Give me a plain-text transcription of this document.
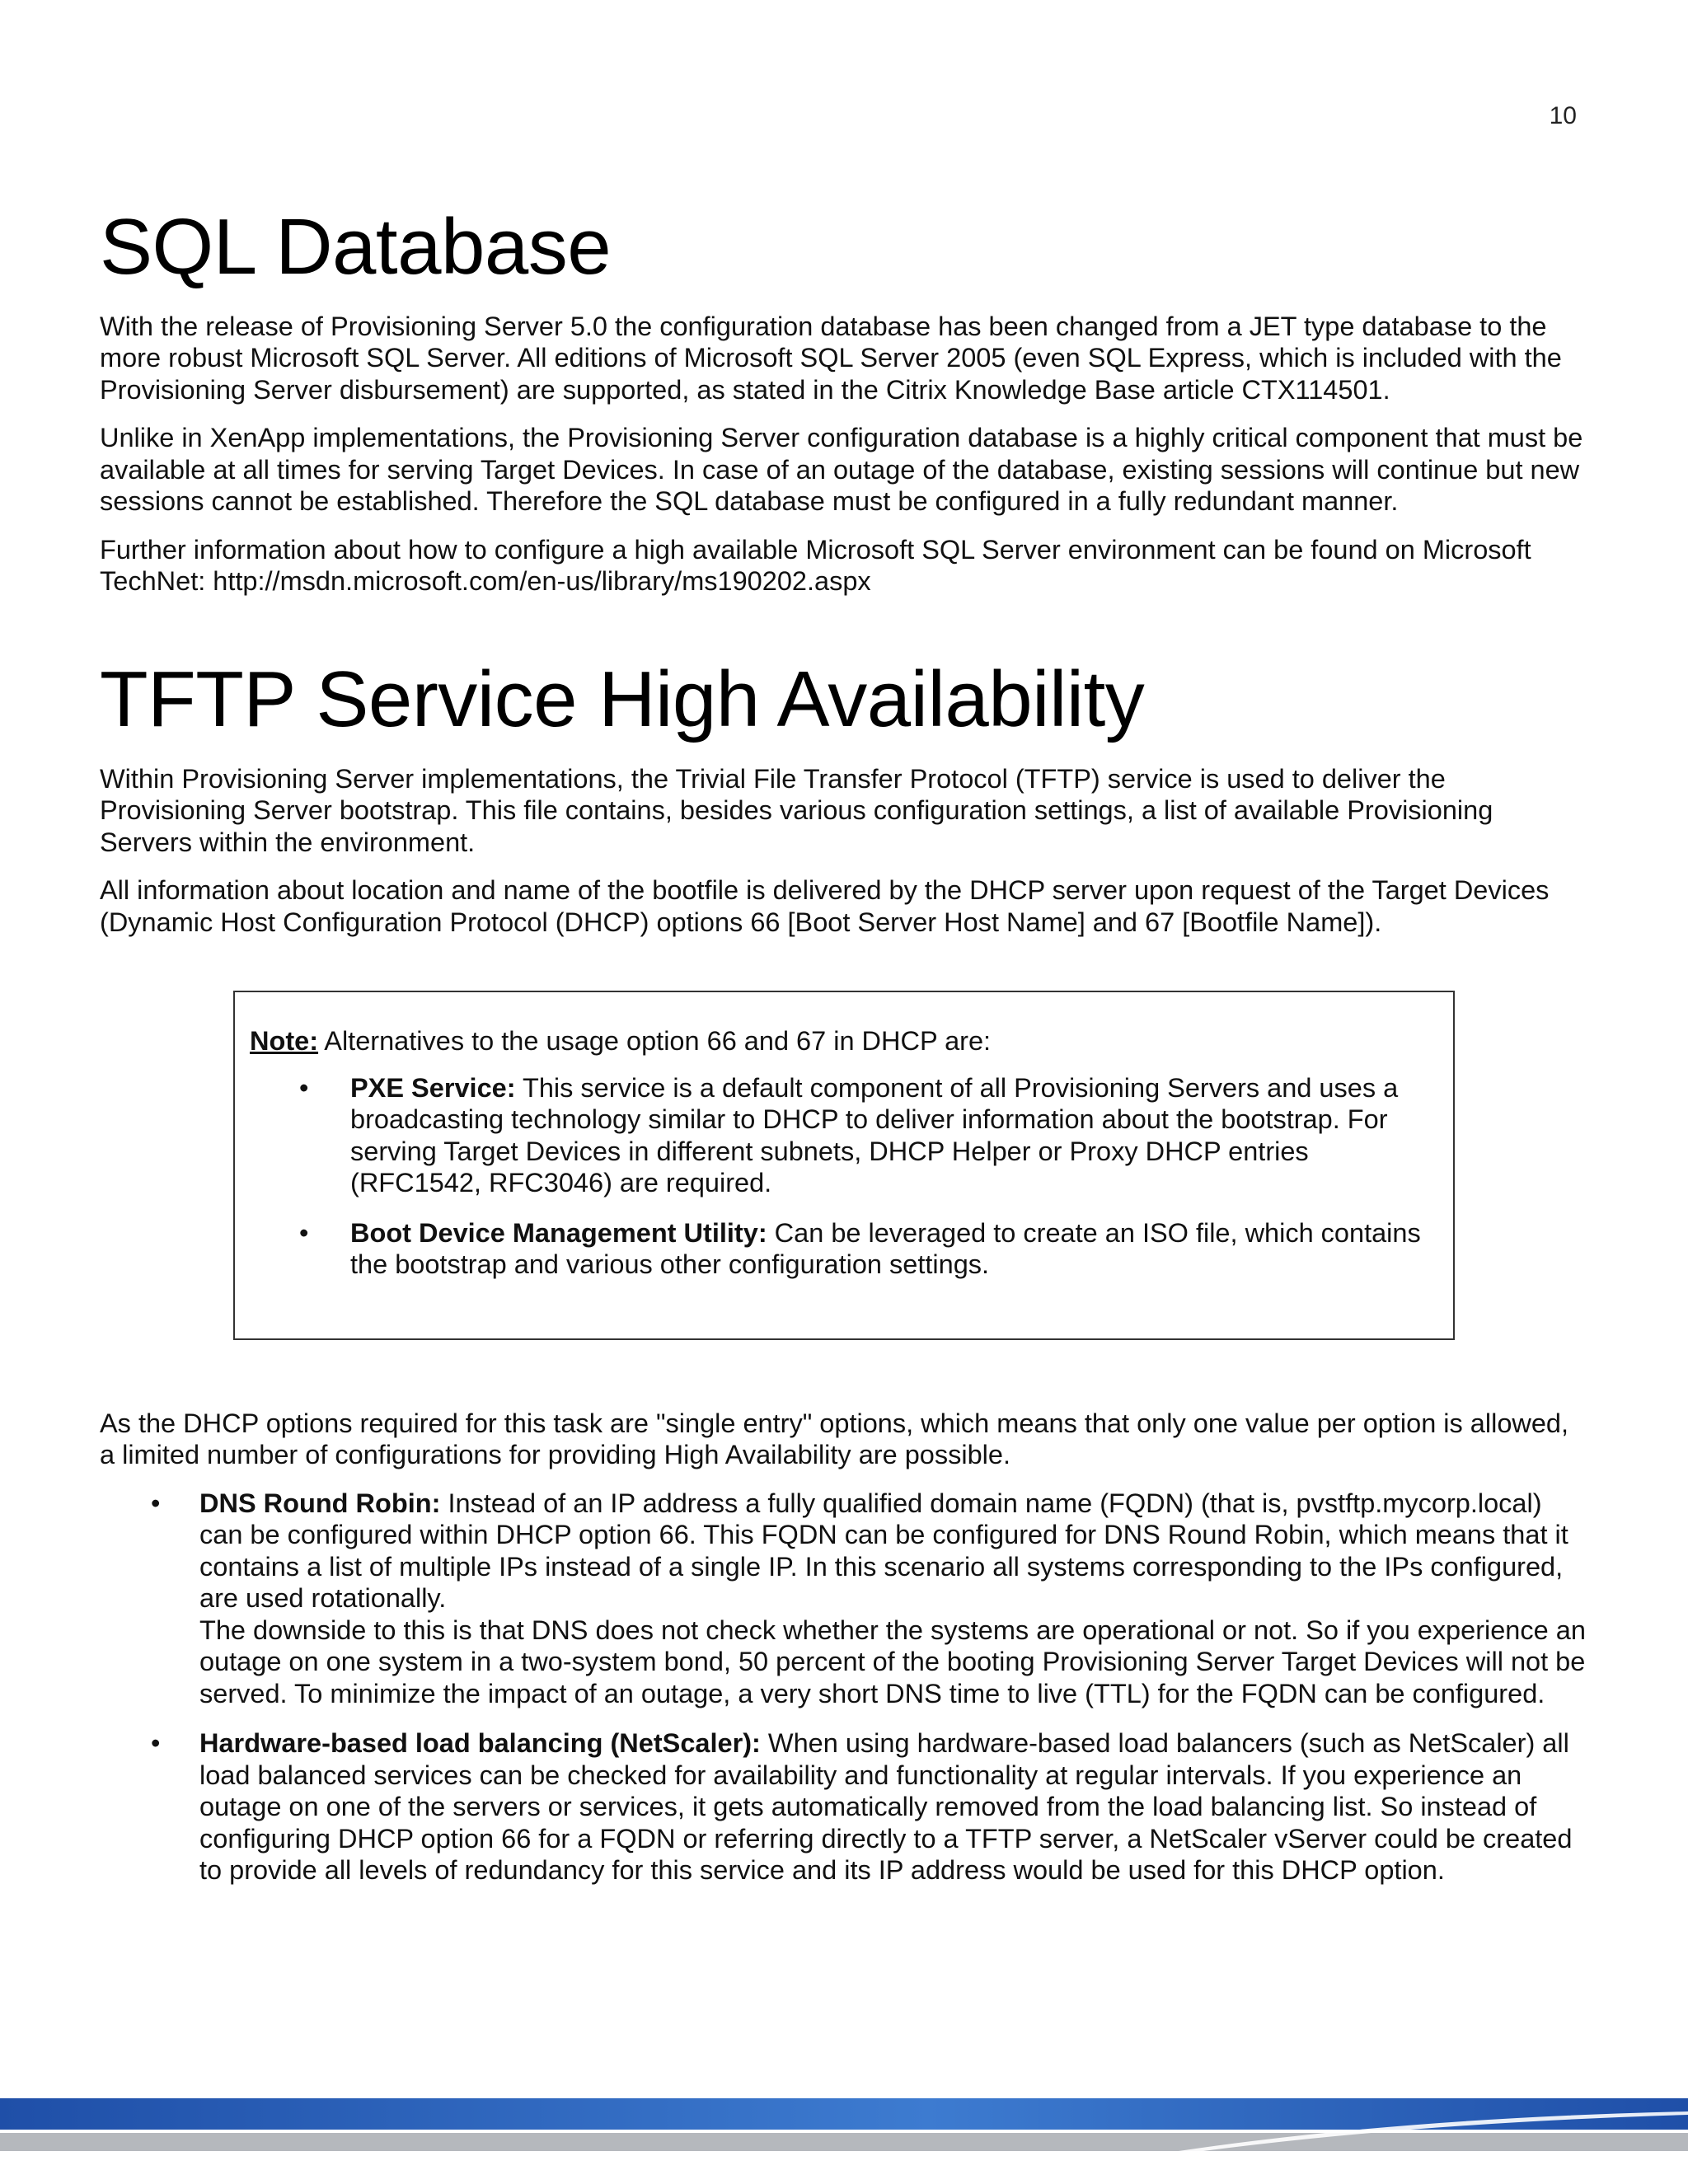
10
SQL Database

With the release of Provisioning Server 5.0 the configuration database has been changed from a JET type database to the more robust Microsoft SQL Server. All editions of Microsoft SQL Server 2005 (even SQL Express, which is included with the Provisioning Server disbursement) are supported, as stated in the Citrix Knowledge Base article CTX114501.

Unlike in XenApp implementations, the Provisioning Server configuration database is a highly critical component that must be available at all times for serving Target Devices. In case of an outage of the database, existing sessions will continue but new sessions cannot be established. Therefore the SQL database must be configured in a fully redundant manner.

Further information about how to configure a high available Microsoft SQL Server environment can be found on Microsoft TechNet: http://msdn.microsoft.com/en-us/library/ms190202.aspx

TFTP Service High Availability

Within Provisioning Server implementations, the Trivial File Transfer Protocol (TFTP) service is used to deliver the Provisioning Server bootstrap. This file contains, besides various configuration settings, a list of available Provisioning Servers within the environment.

All information about location and name of the bootfile is delivered by the DHCP server upon request of the Target Devices (Dynamic Host Configuration Protocol (DHCP) options 66 [Boot Server Host Name] and 67 [Bootfile Name]).

Note: Alternatives to the usage option 66 and 67 in DHCP are:

• PXE Service: This service is a default component of all Provisioning Servers and uses a broadcasting technology similar to DHCP to deliver information about the bootstrap. For serving Target Devices in different subnets, DHCP Helper or Proxy DHCP entries (RFC1542, RFC3046) are required.
• Boot Device Management Utility: Can be leveraged to create an ISO file, which contains the bootstrap and various other configuration settings.

As the DHCP options required for this task are "single entry" options, which means that only one value per option is allowed, a limited number of configurations for providing High Availability are possible.

• DNS Round Robin: Instead of an IP address a fully qualified domain name (FQDN) (that is, pvstftp.mycorp.local) can be configured within DHCP option 66. This FQDN can be configured for DNS Round Robin, which means that it contains a list of multiple IPs instead of a single IP. In this scenario all systems corresponding to the IPs configured, are used rotationally.
The downside to this is that DNS does not check whether the systems are operational or not. So if you experience an outage on one system in a two-system bond, 50 percent of the booting Provisioning Server Target Devices will not be served. To minimize the impact of an outage, a very short DNS time to live (TTL) for the FQDN can be configured.
• Hardware-based load balancing (NetScaler): When using hardware-based load balancers (such as NetScaler) all load balanced services can be checked for availability and functionality at regular intervals. If you experience an outage on one of the servers or services, it gets automatically removed from the load balancing list. So instead of configuring DHCP option 66 for a FQDN or referring directly to a TFTP server, a NetScaler vServer could be created to provide all levels of redundancy for this service and its IP address would be used for this DHCP option.
